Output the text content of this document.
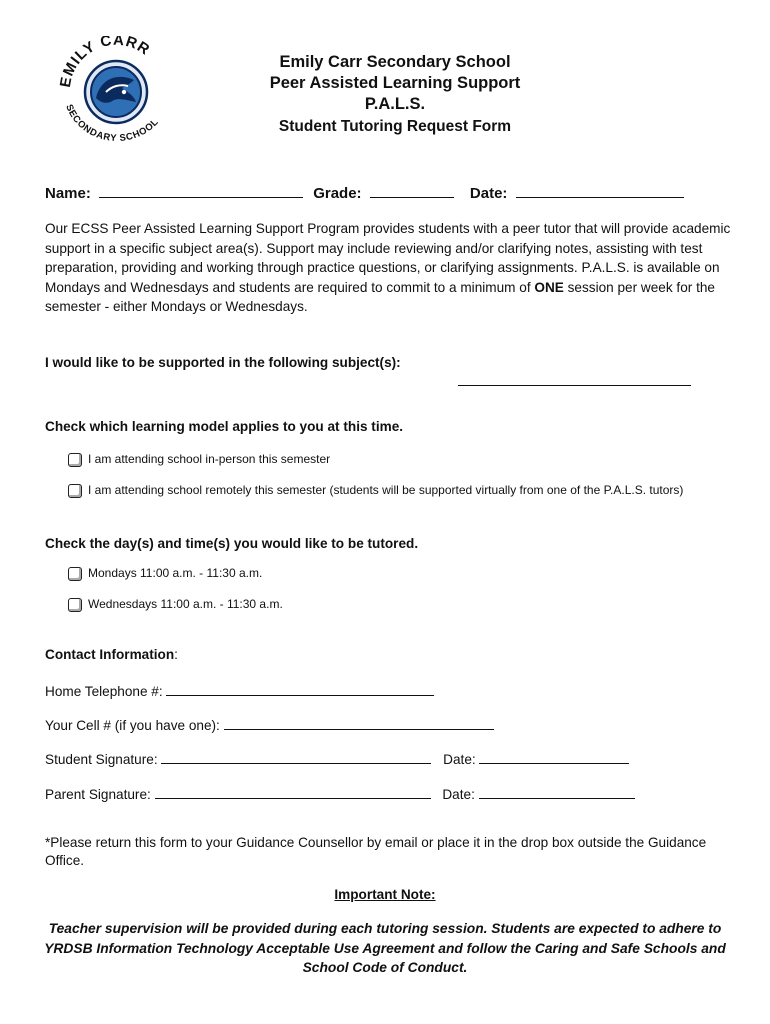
EMILY CARR
SECONDARY SCHOOL
Emily Carr Secondary School
Peer Assisted Learning Support
P.A.L.S.
Student Tutoring Request Form
Name:	Grade:	Date:
Our ECSS Peer Assisted Learning Support Program provides students with a peer tutor that will provide academic support in a specific subject area(s). Support may include reviewing and/or clarifying notes, assisting with test preparation, providing and working through practice questions, or clarifying assignments. P.A.L.S. is available on Mondays and Wednesdays and students are required to commit to a minimum of ONE session per week for the semester - either Mondays or Wednesdays.
I would like to be supported in the following subject(s):
Check which learning model applies to you at this time.
I am attending school in-person this semester
I am attending school remotely this semester (students will be supported virtually from one of the P.A.L.S. tutors)
Check the day(s) and time(s) you would like to be tutored.
Mondays 11:00 a.m. - 11:30 a.m.
Wednesdays 11:00 a.m. - 11:30 a.m.
Contact Information:
Home Telephone #:
Your Cell # (if you have one):
Student Signature:	Date:
Parent Signature:	Date:
*Please return this form to your Guidance Counsellor by email or place it in the drop box outside the Guidance Office.
Important Note:
Teacher supervision will be provided during each tutoring session. Students are expected to adhere to YRDSB Information Technology Acceptable Use Agreement and follow the Caring and Safe Schools and School Code of Conduct.
